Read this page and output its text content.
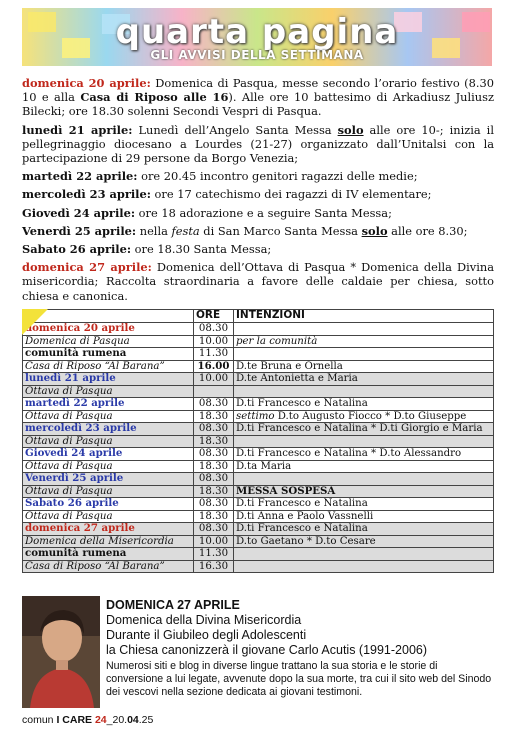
quarta pagina
GLI AVVISI DELLA SETTIMANA

domenica 20 aprile: Domenica di Pasqua, messe secondo l’orario festivo (8.30 10 e alla Casa di Riposo alle 16). Alle ore 10 battesimo di Arkadiusz Juliusz Bilecki; ore 18.30 solenni Secondi Vespri di Pasqua.

lunedì 21 aprile: Lunedì dell’Angelo Santa Messa solo alle ore 10-; inizia il pellegrinaggio diocesano a Lourdes (21-27) organizzato dall’Unitalsi con la partecipazione di 29 persone da Borgo Venezia;

martedì 22 aprile: ore 20.45 incontro genitori ragazzi delle medie;

mercoledì 23 aprile: ore 17 catechismo dei ragazzi di IV elementare;

Giovedì 24 aprile: ore 18 adorazione e a seguire Santa Messa;

Venerdì 25 aprile: nella festa di San Marco Santa Messa solo alle ore 8.30;

Sabato 26 aprile: ore 18.30 Santa Messa;

domenica 27 aprile: Domenica dell’Ottava di Pasqua * Domenica della Divina misericordia; Raccolta straordinaria a favore delle caldaie per chiesa, sotto chiesa e canonica.

	ORE	INTENZIONI
domenica 20 aprile	08.30	
Domenica di Pasqua	10.00	per la comunità
comunità rumena	11.30	
Casa di Riposo “Al Barana”	16.00	D.te Bruna e Ornella
lunedì 21 aprile	10.00	D.te Antonietta e Maria
Ottava di Pasqua		
martedì 22 aprile	08.30	D.ti Francesco e Natalina
Ottava di Pasqua	18.30	settimo D.to Augusto Fiocco * D.to Giuseppe
mercoledì 23 aprile	08.30	D.ti Francesco e Natalina * D.ti Giorgio e Maria
Ottava di Pasqua	18.30	
Giovedì 24 aprile	08.30	D.ti Francesco e Natalina * D.to Alessandro
Ottava di Pasqua	18.30	D.ta Maria
Venerdì 25 aprile	08.30	
Ottava di Pasqua	18.30	MESSA SOSPESA
Sabato 26 aprile	08.30	D.ti Francesco e Natalina
Ottava di Pasqua	18.30	D.ti Anna e Paolo Vassnelli
domenica 27 aprile	08.30	D.ti Francesco e Natalina
Domenica della Misericordia	10.00	D.to Gaetano * D.to Cesare
comunità rumena	11.30	
Casa di Riposo “Al Barana”	16.30	
DOMENICA 27 APRILE
Domenica della Divina Misericordia
Durante il Giubileo degli Adolescenti
la Chiesa canonizzerà il giovane Carlo Acutis (1991-2006)
Numerosi siti e blog in diverse lingue trattano la sua storia e le storie di conversione a lui legate, avvenute dopo la sua morte, tra cui il sito web del Sinodo dei vescovi nella sezione dedicata ai giovani testimoni.
comun I CARE 24_20.04.25
